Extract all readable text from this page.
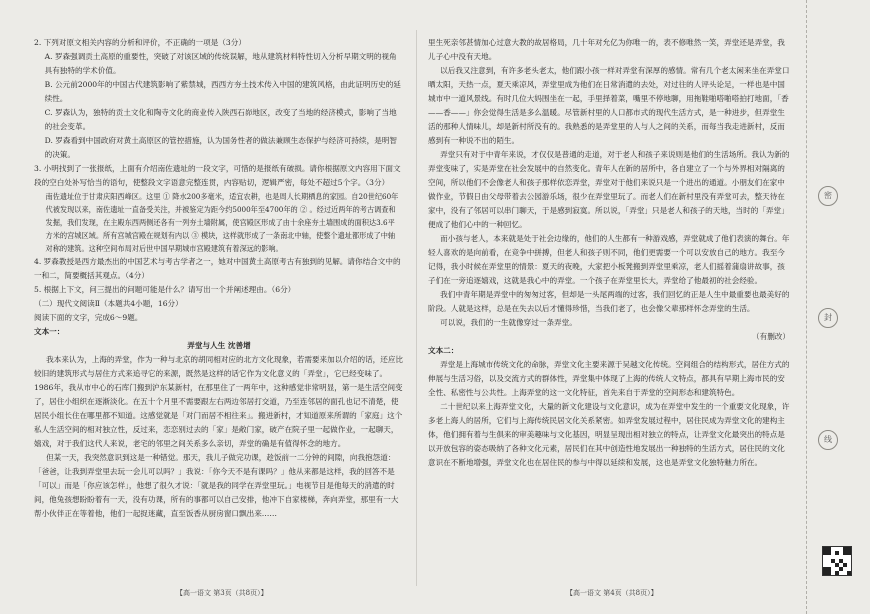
2. 下列对原文相关内容的分析和评价，不正确的一项是（3分）

A. 罗森强调贡土高原的重要性，突破了对该区域的传统误解，地从建筑材料特性切入分析早期文明的视角具有独特的学术价值。

B. 公元前2000年的中国古代建筑影响了紫禁城，西西方夯土技术传入中国的建筑风格，由此证明历史的延续性。

C. 罗森认为，独特的贡土文化和陶寺文化的商业传入陕西石峁地区，改变了当地的经济模式，影响了当地的社会变革。

D. 罗森看到中国政府对黄土高原区的管控措施，认为国务性者的做法兼顾生态保护与经济可持续，是明智的决策。

3. 小明找到了一张报纸，上面有介绍南佐遗址的一段文字，可惜的是报纸有破损。请你根据原文内容用下面文段的空白处补写恰当的语句，使整段文字语意完整连贯，内容贴切，逻辑严密，每处不超过5个字。（3分）

南佐遗址位于甘肃庆阳西峰区。这里 ① 降水200多毫米，适宜农耕，也是周人长期栖息的家园。自20世纪60年代被发现以来，南佐遗址一直备受关注，并被鉴定为距今约5000年至4700年的 ② 。经过近两年的考古调查和发掘，我们发现，在主殿东西两侧还各有一列夯土墙附属，使宫殿区形成了由十余座夯土墙围成的面积达3.6平方米的宫城区域。所有宫城宫殿在规划有内以 ③ 模块，这样就形成了一条南北中轴，使整个遗址都形成了中轴对称的建筑。这种空间布局对后世中国早期城市宫殿建筑有着深远的影响。

4. 罗森教授是西方最杰出的中国艺术与考古学者之一，她对中国黄土高原考古有独到的见解。请你结合文中的一和二，简要概括其观点。（4分）

5. 根据上下文，问三提出的问题可能是什么？请写出一个并阐述理由。（6分）

（二）现代文阅读Ⅱ（本题共4小题，16分）

阅读下面的文字，完成6～9题。

文本一：

弄堂与人生 沈善增

我本来认为，上海的弄堂，作为一种与北京的胡同相对应的北方文化现象，若需要来加以介绍的话，还应比较旧的建筑形式与居住方式来追寻它的来源，既然是这样的话它作为文化意义的「弄堂」，它已经变味了。1986年，我从市中心的石库门搬到沪东某新村，在那里住了一两年中，这种感觉非常明显，第一是生活空间变了，居住小组织在逐渐淡化。在五十个月里不需要跟左右两边邻居打交道，乃至连邻居的面孔也记不清楚，使居民小组长住在哪里都不知道。这感觉就是「对门而居不相往来」。搬进新村，才知道原来所谓的「家庭」这个私人生活空间的相对独立性，反过来，恋恋别过去的「家」是敞门家，破产在院子里一起做作业，一起聊天，嬉戏，对于我们这代人来说，老宅的邻里之间关系多么亲切，弄堂的确是有值得怀念的地方。

但某一天，我突然意识到这是一种错觉。那天，我儿子做完功课，趁饭前一二分钟的间隙，向我抱怨道：「爸爸，让我到弄堂里去玩一会儿可以吗？」我说：「你今天不是有课吗？」他从来都是这样，我的回答不是「可以」而是「你应该怎样」，他想了很久才说：「就是我的同学在弄堂里玩。」电视节目是他每天的消遣的时间，他兔孩想盼盼着有一天，没有功课，所有的事都可以自己安排，他冲下自家楼梯，奔向弄堂，那里有一大帮小伙伴正在等着他，他们一起捉迷藏，直至饭香从厨房窗口飘出来……

里生死亲邻甚情加心过意大教的故居格局，几十年对允亿为你唯一的，表不修唯然一笑，弄堂还是弄堂，我儿子心中没有天地。

以后我又注意到，有许多老头老太，他们跟小孩一样对弄堂有深厚的感情。常有几个老太闲来坐在弄堂口晒太阳，天热一点，夏天乘凉风，弄堂里成为他们在日常消遣的去处，对过往的人评头论足，一样也是中国城市中一道风景线。有时几位大妈围坐在一起，手里择着菜，嘴里不停地聊，用拖鞋啪嗒啪嗒拍打地面，「香——香——」你会觉得生活是多么温暖。尽管新村里的人口都市式的现代生活方式，是一种进步，但弄堂生活的那种人情味儿，却是新村所没有的。我熟悉的是弄堂里的人与人之间的关系，而每当我走进新村，反而感到有一种说不出的陌生。

弄堂只有对于中青年来说，才仅仅是普通的走道，对于老人和孩子来说则是他们的生活场所。我认为新的弄堂变味了，实是弄堂在社会发展中的自然变化。青年人在新的居所中，各自建立了一个与外界相对隔离的空间，所以他们不会像老人和孩子那样依恋弄堂，弄堂对于他们来说只是一个进出的通道。小朋友们在家中做作业，节假日由父母带着去公园游乐场，很少在弄堂里玩了。而老人们在新村里没有弄堂可去，整天待在家中，没有了邻居可以串门聊天，于是感到寂寞。所以说，「弄堂」只是老人和孩子的天地，当时的「弄堂」便成了他们心中的一种回忆。

而小孩与老人，本来就是处于社会边缘的，他们的人生都有一种游戏感，弄堂就成了他们表演的舞台。年轻人喜欢的是向前看，在竞争中拼搏，但老人和孩子则不同，他们更需要一个可以安放自己的地方。我至今记得，我小时候在弄堂里的情景：夏天的夜晚，大家把小板凳搬到弄堂里乘凉，老人们摇着蒲扇讲故事，孩子们在一旁追逐嬉戏，这就是我心中的弄堂。一个孩子在弄堂里长大，弄堂给了他最初的社会经验。

我们中青年期是弄堂中的匆匆过客，但却是一头尾两端的过客，我们回忆的正是人生中最重要也最美好的阶段。人就是这样，总是在失去以后才懂得珍惜，当我们老了，也会像父辈那样怀念弄堂的生活。

可以说，我们的一生就像穿过一条弄堂。

（有删改）

文本二：

弄堂是上海城市传统文化的命脉，弄堂文化主要来源于吴越文化传统。空间组合的结构形式，居住方式的伸展与生活习俗，以及交流方式的群体性，弄堂集中体现了上海的传统人文特点，都具有早期上海市民的安全性、私密性与公共性。上海弄堂的这一文化特征，首先来自于弄堂的空间形态和建筑特色。

二十世纪以来上海弄堂文化，大量的新文化建设与文化意识，成为在弄堂中发生的一个重要文化现象，许多老上海人的居所，它们与上海传统民居文化关系紧密。如弄堂发展过程中，居住民成为弄堂文化的建构主体，他们拥有着与生俱来的审美趣味与文化基因，明显呈现出相对独立的特点，让弄堂文化最突出的特点是以开放包容的姿态吸纳了各种文化元素，居民们在其中创造性地发展出一种独特的生活方式，居住民的文化意识在不断地增强，弄堂文化也在居住民的参与中得以延续和发展，这也是弄堂文化独特魅力所在。

【高一语文 第3页（共8页）】	【高一语文 第4页（共8页）】
密
封
线
